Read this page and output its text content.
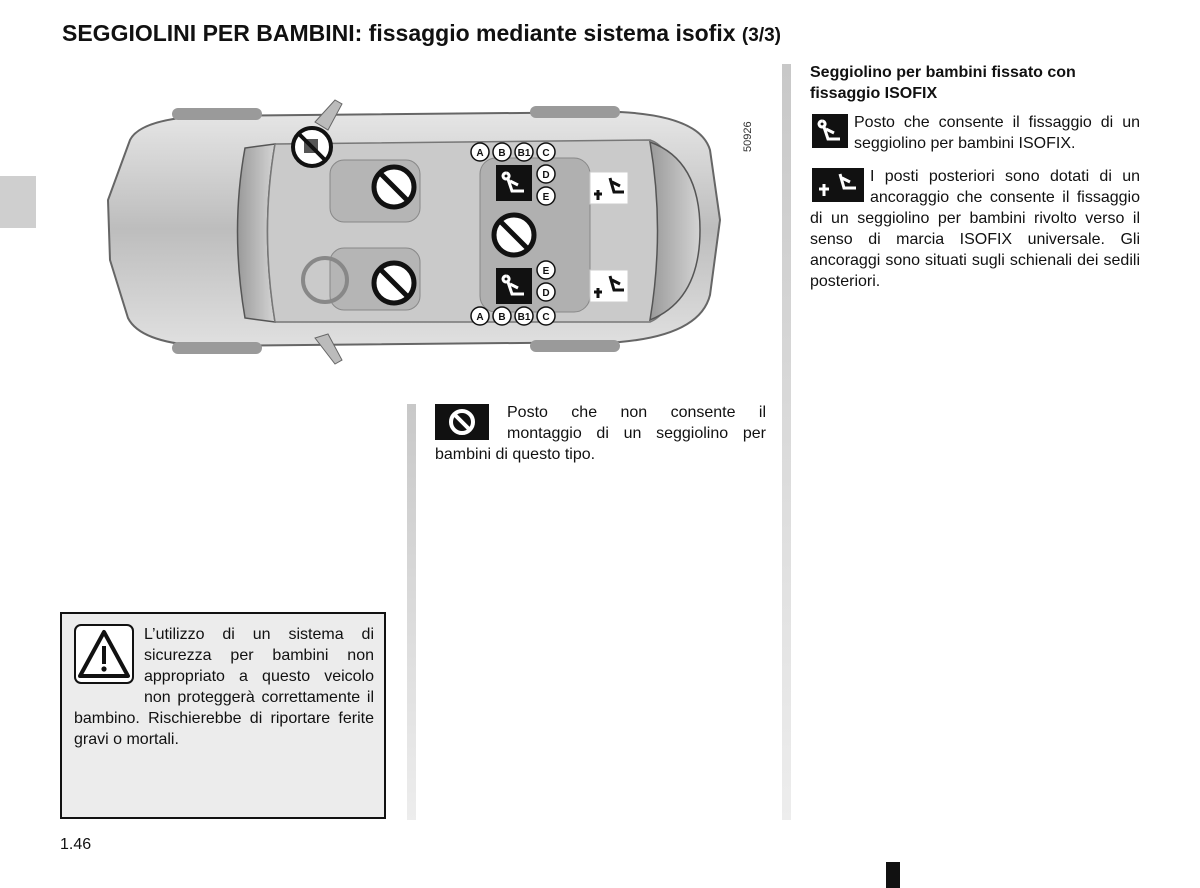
SEGGIOLINI PER BAMBINI: fissaggio mediante sistema isofix (3/3)
A B B1 C
D
E
E
D
A B B1 C
50926
Seggiolino per bambini fissato con fissaggio ISOFIX
Posto che consente il fissaggio di un seggiolino per bambini ISOFIX.
I posti posteriori sono dotati di un ancoraggio che consente il fissaggio di un seggiolino per bambini rivolto verso il senso di marcia ISOFIX universale. Gli ancoraggi sono situati sugli schienali dei sedili posteriori.
Posto che non consente il montaggio di un seggiolino per bambini di questo tipo.
L’utilizzo di un sistema di sicurezza per bambini non appropriato a questo veicolo non proteggerà correttamente il bambino. Rischierebbe di riportare ferite gravi o mortali.
1.46
